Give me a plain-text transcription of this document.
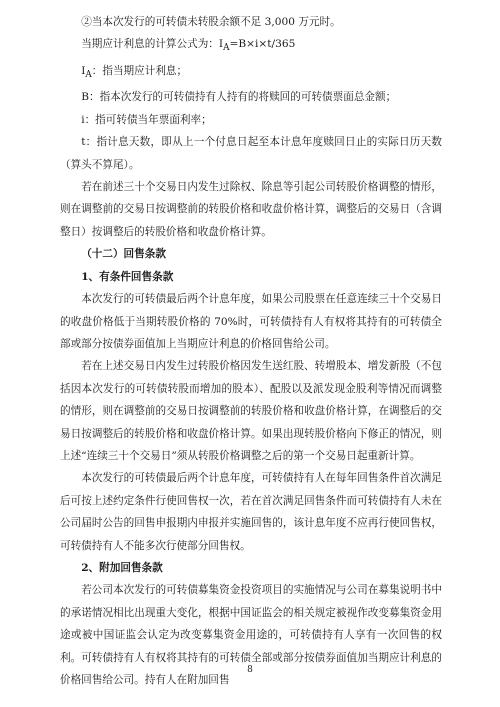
②当本次发行的可转债未转股余额不足 3,000 万元时。

当期应计利息的计算公式为：$I_A=B\times i\times t/365$

$I_A$：指当期应计利息；

B：指本次发行的可转债持有人持有的将赎回的可转债票面总金额；

i：指可转债当年票面利率；

t：指计息天数，即从上一个付息日起至本计息年度赎回日止的实际日历天数（算头不算尾）。

若在前述三十个交易日内发生过除权、除息等引起公司转股价格调整的情形，则在调整前的交易日按调整前的转股价格和收盘价格计算，调整后的交易日（含调整日）按调整后的转股价格和收盘价格计算。

（十二）回售条款

1、有条件回售条款

本次发行的可转债最后两个计息年度，如果公司股票在任意连续三十个交易日的收盘价格低于当期转股价格的 70%时，可转债持有人有权将其持有的可转债全部或部分按债券面值加上当期应计利息的价格回售给公司。

若在上述交易日内发生过转股价格因发生送红股、转增股本、增发新股（不包括因本次发行的可转债转股而增加的股本）、配股以及派发现金股利等情况而调整的情形，则在调整前的交易日按调整前的转股价格和收盘价格计算，在调整后的交易日按调整后的转股价格和收盘价格计算。如果出现转股价格向下修正的情况，则上述“连续三十个交易日”须从转股价格调整之后的第一个交易日起重新计算。

本次发行的可转债最后两个计息年度，可转债持有人在每年回售条件首次满足后可按上述约定条件行使回售权一次，若在首次满足回售条件而可转债持有人未在公司届时公告的回售申报期内申报并实施回售的，该计息年度不应再行使回售权，可转债持有人不能多次行使部分回售权。

2、附加回售条款

若公司本次发行的可转债募集资金投资项目的实施情况与公司在募集说明书中的承诺情况相比出现重大变化，根据中国证监会的相关规定被视作改变募集资金用途或被中国证监会认定为改变募集资金用途的，可转债持有人享有一次回售的权利。可转债持有人有权将其持有的可转债全部或部分按债券面值加当期应计利息的价格回售给公司。持有人在附加回售

8
